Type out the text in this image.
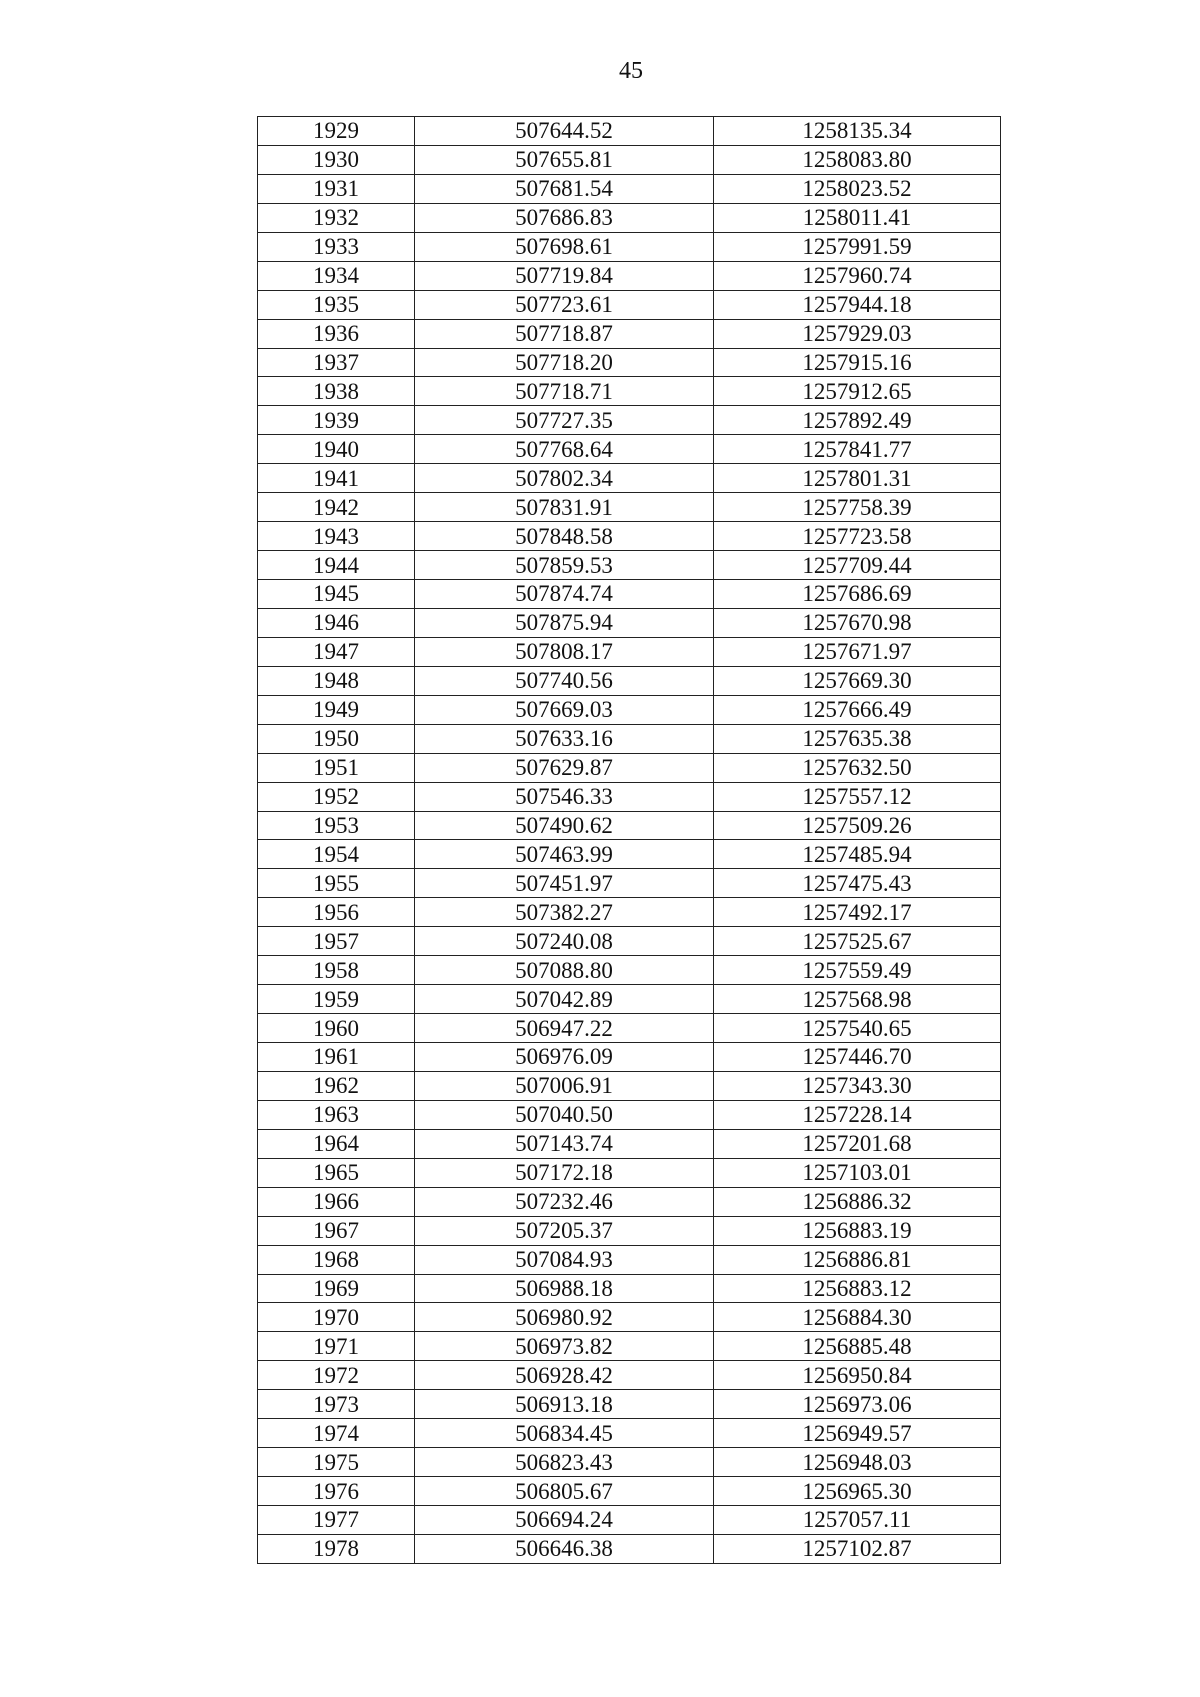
45
1929	507644.52	1258135.34
1930	507655.81	1258083.80
1931	507681.54	1258023.52
1932	507686.83	1258011.41
1933	507698.61	1257991.59
1934	507719.84	1257960.74
1935	507723.61	1257944.18
1936	507718.87	1257929.03
1937	507718.20	1257915.16
1938	507718.71	1257912.65
1939	507727.35	1257892.49
1940	507768.64	1257841.77
1941	507802.34	1257801.31
1942	507831.91	1257758.39
1943	507848.58	1257723.58
1944	507859.53	1257709.44
1945	507874.74	1257686.69
1946	507875.94	1257670.98
1947	507808.17	1257671.97
1948	507740.56	1257669.30
1949	507669.03	1257666.49
1950	507633.16	1257635.38
1951	507629.87	1257632.50
1952	507546.33	1257557.12
1953	507490.62	1257509.26
1954	507463.99	1257485.94
1955	507451.97	1257475.43
1956	507382.27	1257492.17
1957	507240.08	1257525.67
1958	507088.80	1257559.49
1959	507042.89	1257568.98
1960	506947.22	1257540.65
1961	506976.09	1257446.70
1962	507006.91	1257343.30
1963	507040.50	1257228.14
1964	507143.74	1257201.68
1965	507172.18	1257103.01
1966	507232.46	1256886.32
1967	507205.37	1256883.19
1968	507084.93	1256886.81
1969	506988.18	1256883.12
1970	506980.92	1256884.30
1971	506973.82	1256885.48
1972	506928.42	1256950.84
1973	506913.18	1256973.06
1974	506834.45	1256949.57
1975	506823.43	1256948.03
1976	506805.67	1256965.30
1977	506694.24	1257057.11
1978	506646.38	1257102.87
